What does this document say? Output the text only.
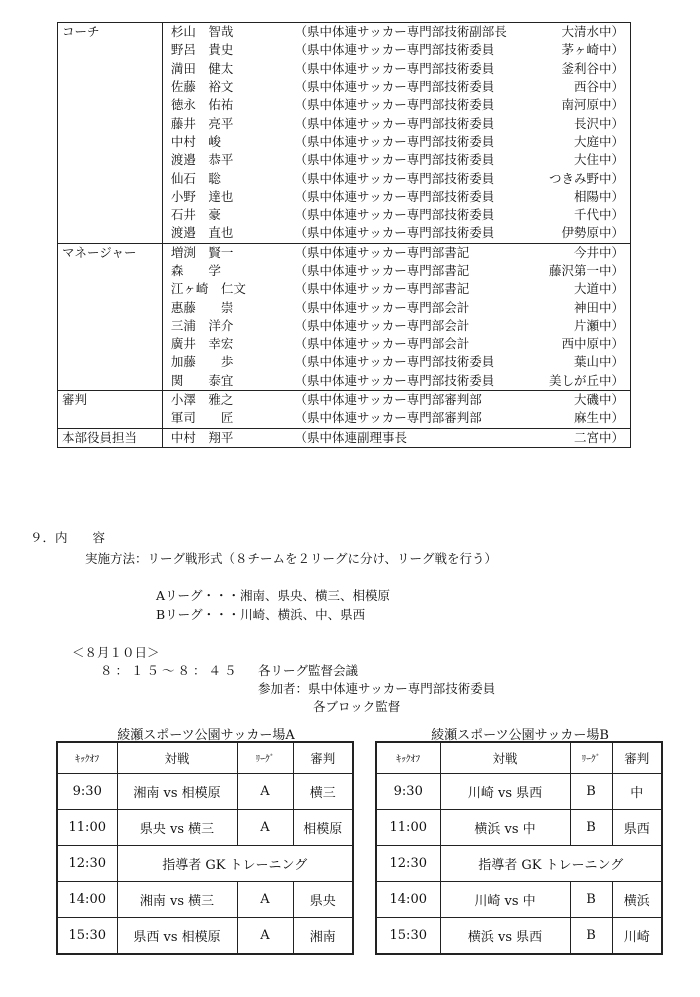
コーチ	杉山　智哉	（県中体連サッカー専門部技術副部長	大清水中）
	野呂　貴史	（県中体連サッカー専門部技術委員	茅ヶ崎中）
	満田　健太	（県中体連サッカー専門部技術委員	釜利谷中）
	佐藤　裕文	（県中体連サッカー専門部技術委員	西谷中）
	徳永　佑祐	（県中体連サッカー専門部技術委員	南河原中）
	藤井　亮平	（県中体連サッカー専門部技術委員	長沢中）
	中村　峻	（県中体連サッカー専門部技術委員	大庭中）
	渡邉　恭平	（県中体連サッカー専門部技術委員	大住中）
	仙石　聡	（県中体連サッカー専門部技術委員	つきみ野中）
	小野　達也	（県中体連サッカー専門部技術委員	相陽中）
	石井　豪	（県中体連サッカー専門部技術委員	千代中）
	渡邉　直也	（県中体連サッカー専門部技術委員	伊勢原中）
マネージャー	増渕　賢一	（県中体連サッカー専門部書記	今井中）
	森　　学	（県中体連サッカー専門部書記	藤沢第一中）
	江ヶ崎　仁文	（県中体連サッカー専門部書記	大道中）
	惠藤　　崇	（県中体連サッカー専門部会計	神田中）
	三浦　洋介	（県中体連サッカー専門部会計	片瀬中）
	廣井　幸宏	（県中体連サッカー専門部会計	西中原中）
	加藤　　歩	（県中体連サッカー専門部技術委員	葉山中）
	関　　泰宜	（県中体連サッカー専門部技術委員	美しが丘中）
審判	小澤　雅之	（県中体連サッカー専門部審判部	大磯中）
	軍司　　匠	（県中体連サッカー専門部審判部	麻生中）
本部役員担当	中村　翔平	（県中体連副理事長	二宮中）
９．内　　容
実施方法：リーグ戦形式（８チームを２リーグに分け、リーグ戦を行う）
Aリーグ・・・湘南、県央、横三、相模原
Bリーグ・・・川崎、横浜、中、県西
＜８月１０日＞
８：１５～８：４５ 各リーグ監督会議
参加者：県中体連サッカー専門部技術委員
各ブロック監督
綾瀬スポーツ公園サッカー場A	綾瀬スポーツ公園サッカー場B
ｷｯｸｵﾌ	対戦	ﾘｰｸﾞ	審判
9:30	湘南 vs 相模原	A	横三
11:00	県央 vs 横三	A	相模原
12:30	指導者 GK トレーニング		
14:00	湘南 vs 横三	A	県央
15:30	県西 vs 相模原	A	湘南
ｷｯｸｵﾌ	対戦	ﾘｰｸﾞ	審判
9:30	川崎 vs 県西	B	中
11:00	横浜 vs 中	B	県西
12:30	指導者 GK トレーニング		
14:00	川崎 vs 中	B	横浜
15:30	横浜 vs 県西	B	川崎
